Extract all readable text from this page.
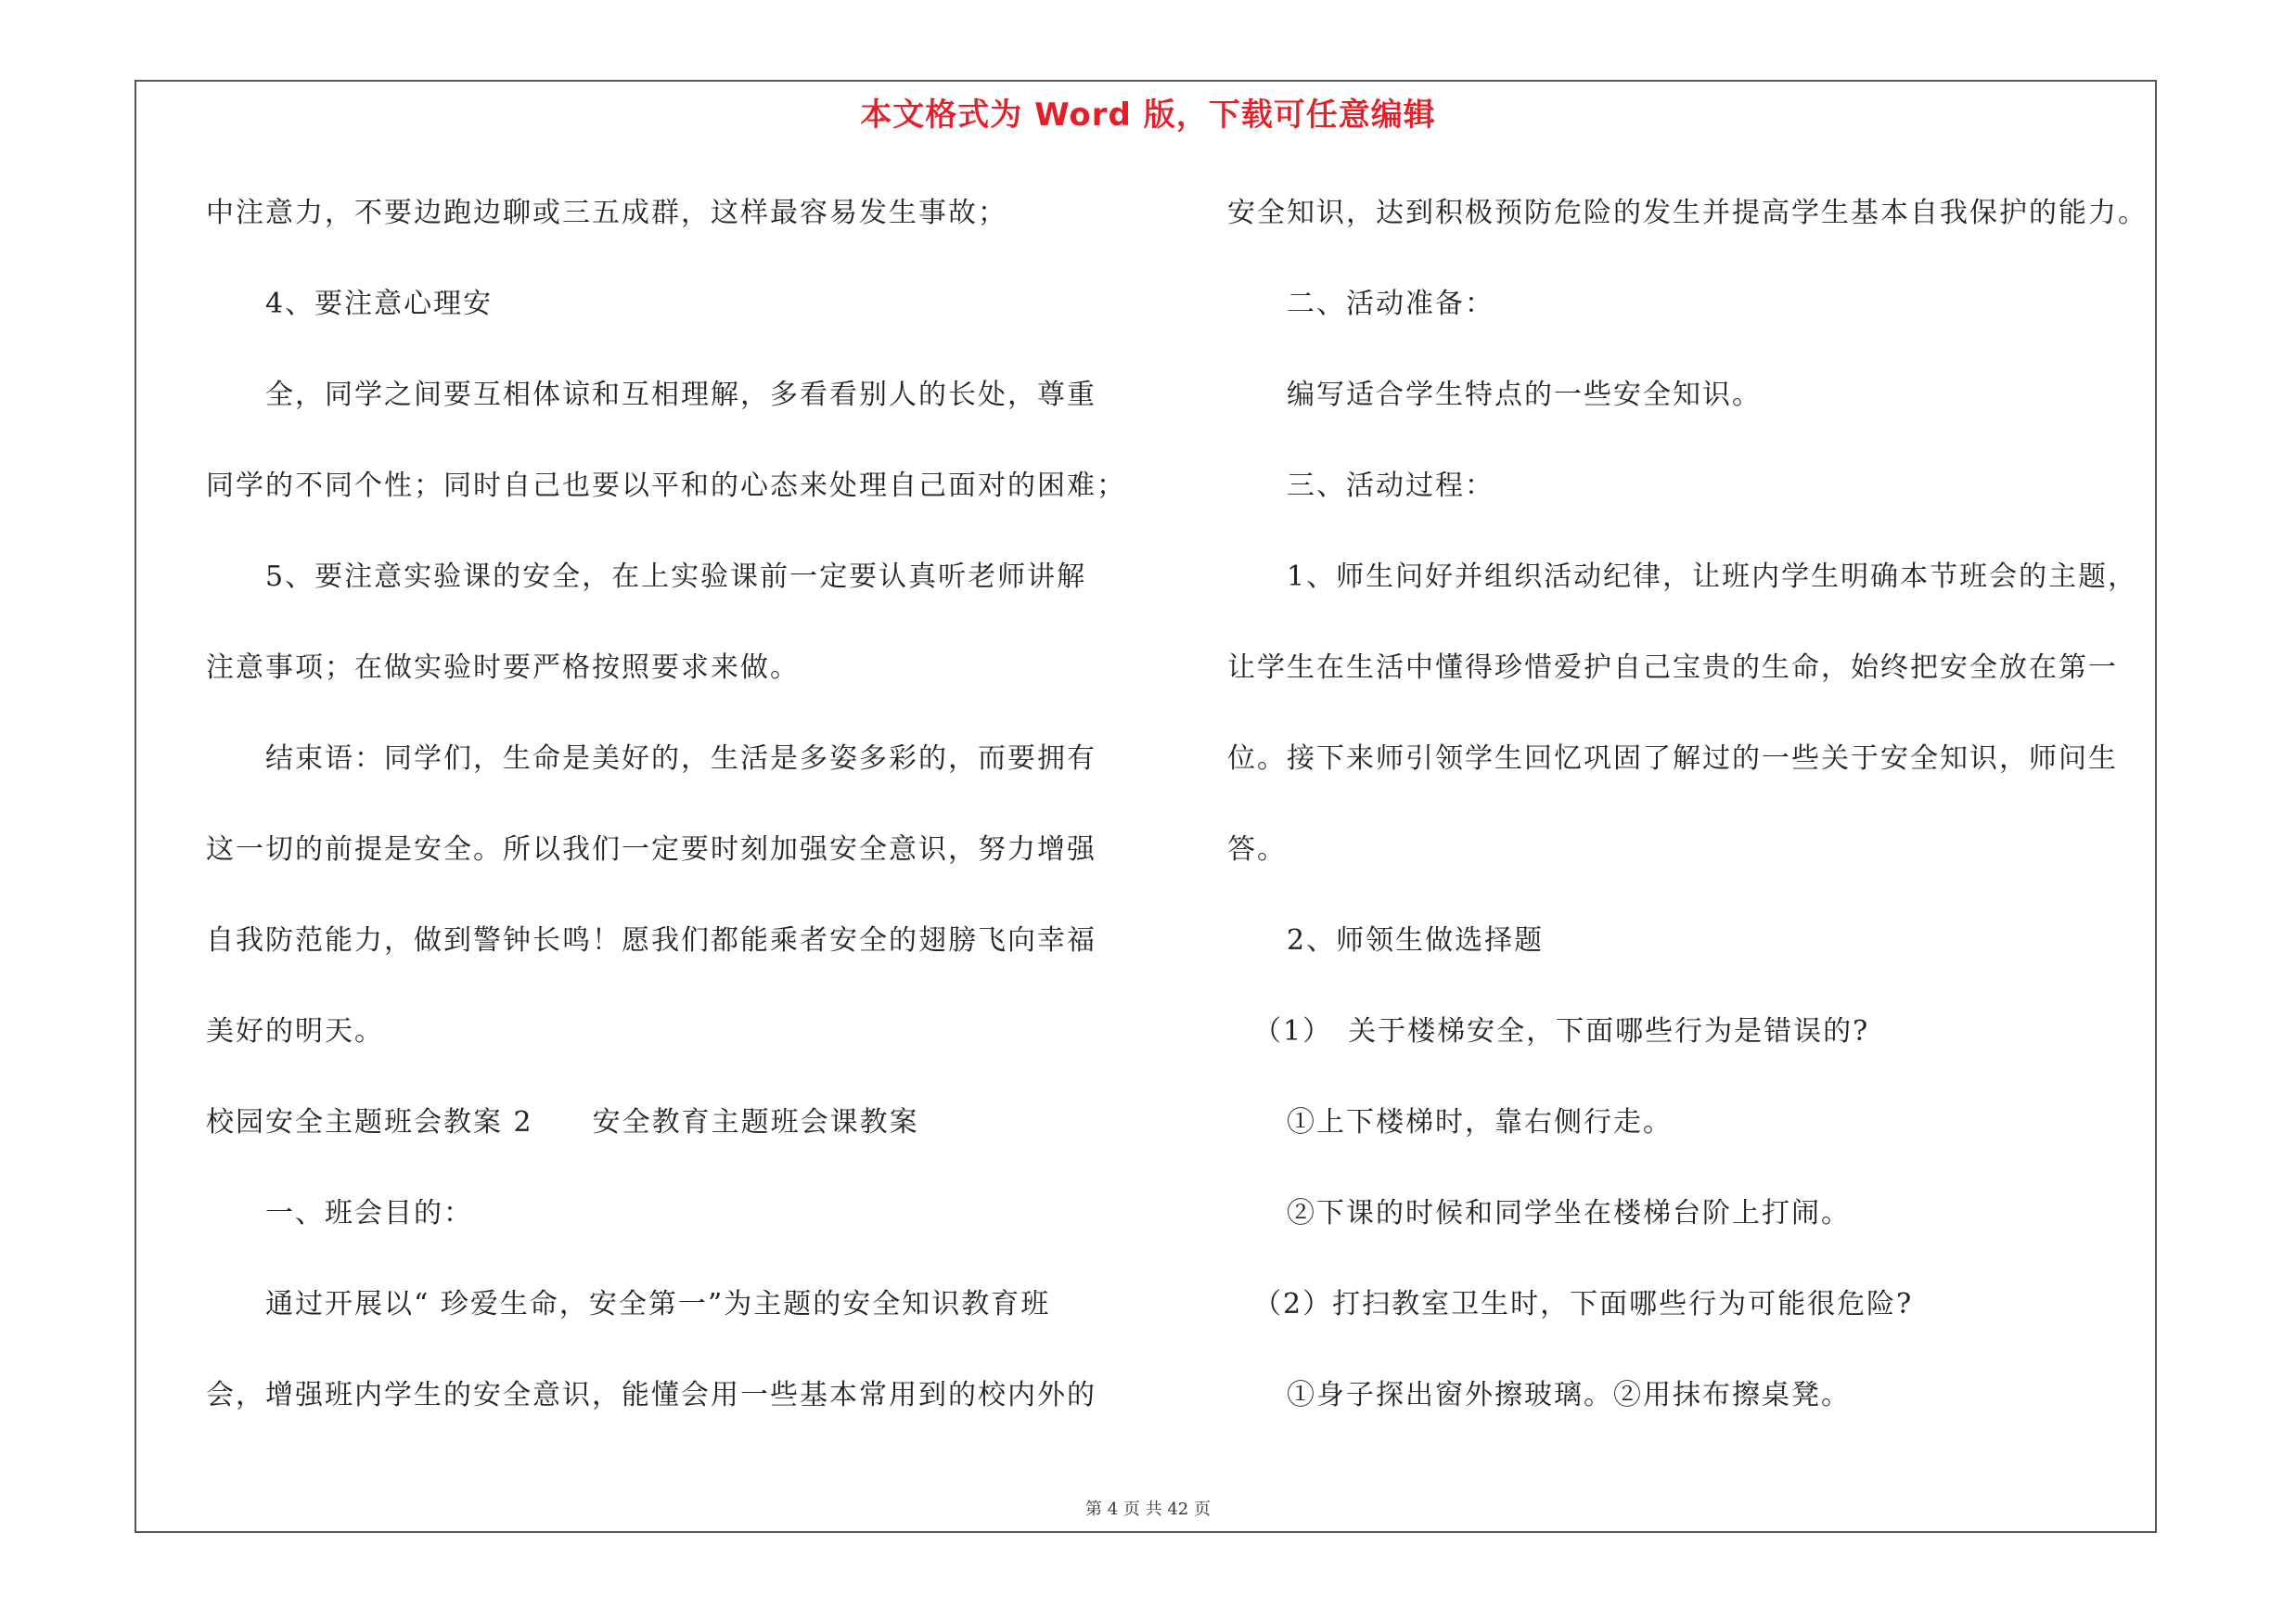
本文格式为 Word 版，下载可任意编辑
中注意力，不要边跑边聊或三五成群，这样最容易发生事故；
4、要注意心理安
全，同学之间要互相体谅和互相理解，多看看别人的长处，尊重
同学的不同个性；同时自己也要以平和的心态来处理自己面对的困难；
5、要注意实验课的安全，在上实验课前一定要认真听老师讲解
注意事项；在做实验时要严格按照要求来做。
结束语：同学们，生命是美好的，生活是多姿多彩的，而要拥有
这一切的前提是安全。所以我们一定要时刻加强安全意识，努力增强
自我防范能力，做到警钟长鸣！愿我们都能乘者安全的翅膀飞向幸福
美好的明天。
校园安全主题班会教案 2　　安全教育主题班会课教案
一、班会目的：
通过开展以“ 珍爱生命，安全第一”为主题的安全知识教育班
会，增强班内学生的安全意识，能懂会用一些基本常用到的校内外的
安全知识，达到积极预防危险的发生并提高学生基本自我保护的能力。
二、活动准备：
编写适合学生特点的一些安全知识。
三、活动过程：
1、师生问好并组织活动纪律，让班内学生明确本节班会的主题，
让学生在生活中懂得珍惜爱护自己宝贵的生命，始终把安全放在第一
位。接下来师引领学生回忆巩固了解过的一些关于安全知识，师问生
答。
2、师领生做选择题
（1）　关于楼梯安全，下面哪些行为是错误的?
①上下楼梯时，靠右侧行走。
②下课的时候和同学坐在楼梯台阶上打闹。
（2）打扫教室卫生时，下面哪些行为可能很危险?
①身子探出窗外擦玻璃。②用抹布擦桌凳。
第 4 页 共 42 页
